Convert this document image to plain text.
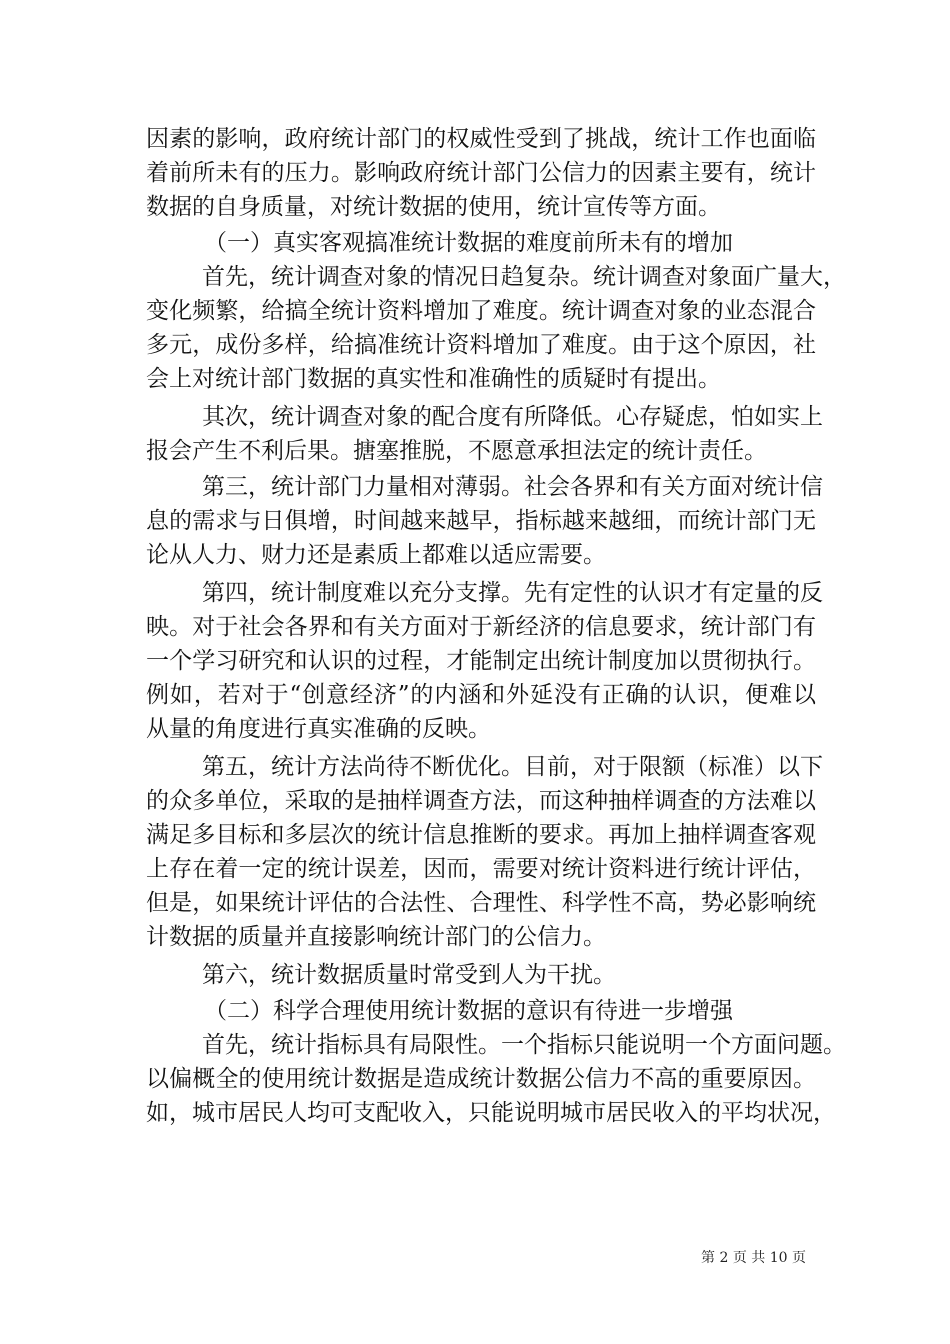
因素的影响，政府统计部门的权威性受到了挑战，统计工作也面临
着前所未有的压力。影响政府统计部门公信力的因素主要有，统计
数据的自身质量，对统计数据的使用，统计宣传等方面。
（一）真实客观搞准统计数据的难度前所未有的增加
首先，统计调查对象的情况日趋复杂。统计调查对象面广量大，
变化频繁，给搞全统计资料增加了难度。统计调查对象的业态混合
多元，成份多样，给搞准统计资料增加了难度。由于这个原因，社
会上对统计部门数据的真实性和准确性的质疑时有提出。
其次，统计调查对象的配合度有所降低。心存疑虑，怕如实上
报会产生不利后果。搪塞推脱，不愿意承担法定的统计责任。
第三，统计部门力量相对薄弱。社会各界和有关方面对统计信
息的需求与日俱增，时间越来越早，指标越来越细，而统计部门无
论从人力、财力还是素质上都难以适应需要。
第四，统计制度难以充分支撑。先有定性的认识才有定量的反
映。对于社会各界和有关方面对于新经济的信息要求，统计部门有
一个学习研究和认识的过程，才能制定出统计制度加以贯彻执行。
例如，若对于“创意经济”的内涵和外延没有正确的认识，便难以
从量的角度进行真实准确的反映。
第五，统计方法尚待不断优化。目前，对于限额（标准）以下
的众多单位，采取的是抽样调查方法，而这种抽样调查的方法难以
满足多目标和多层次的统计信息推断的要求。再加上抽样调查客观
上存在着一定的统计误差，因而，需要对统计资料进行统计评估，
但是，如果统计评估的合法性、合理性、科学性不高，势必影响统
计数据的质量并直接影响统计部门的公信力。
第六，统计数据质量时常受到人为干扰。
（二）科学合理使用统计数据的意识有待进一步增强
首先，统计指标具有局限性。一个指标只能说明一个方面问题。
以偏概全的使用统计数据是造成统计数据公信力不高的重要原因。
如，城市居民人均可支配收入，只能说明城市居民收入的平均状况，
第 2 页 共 10 页
